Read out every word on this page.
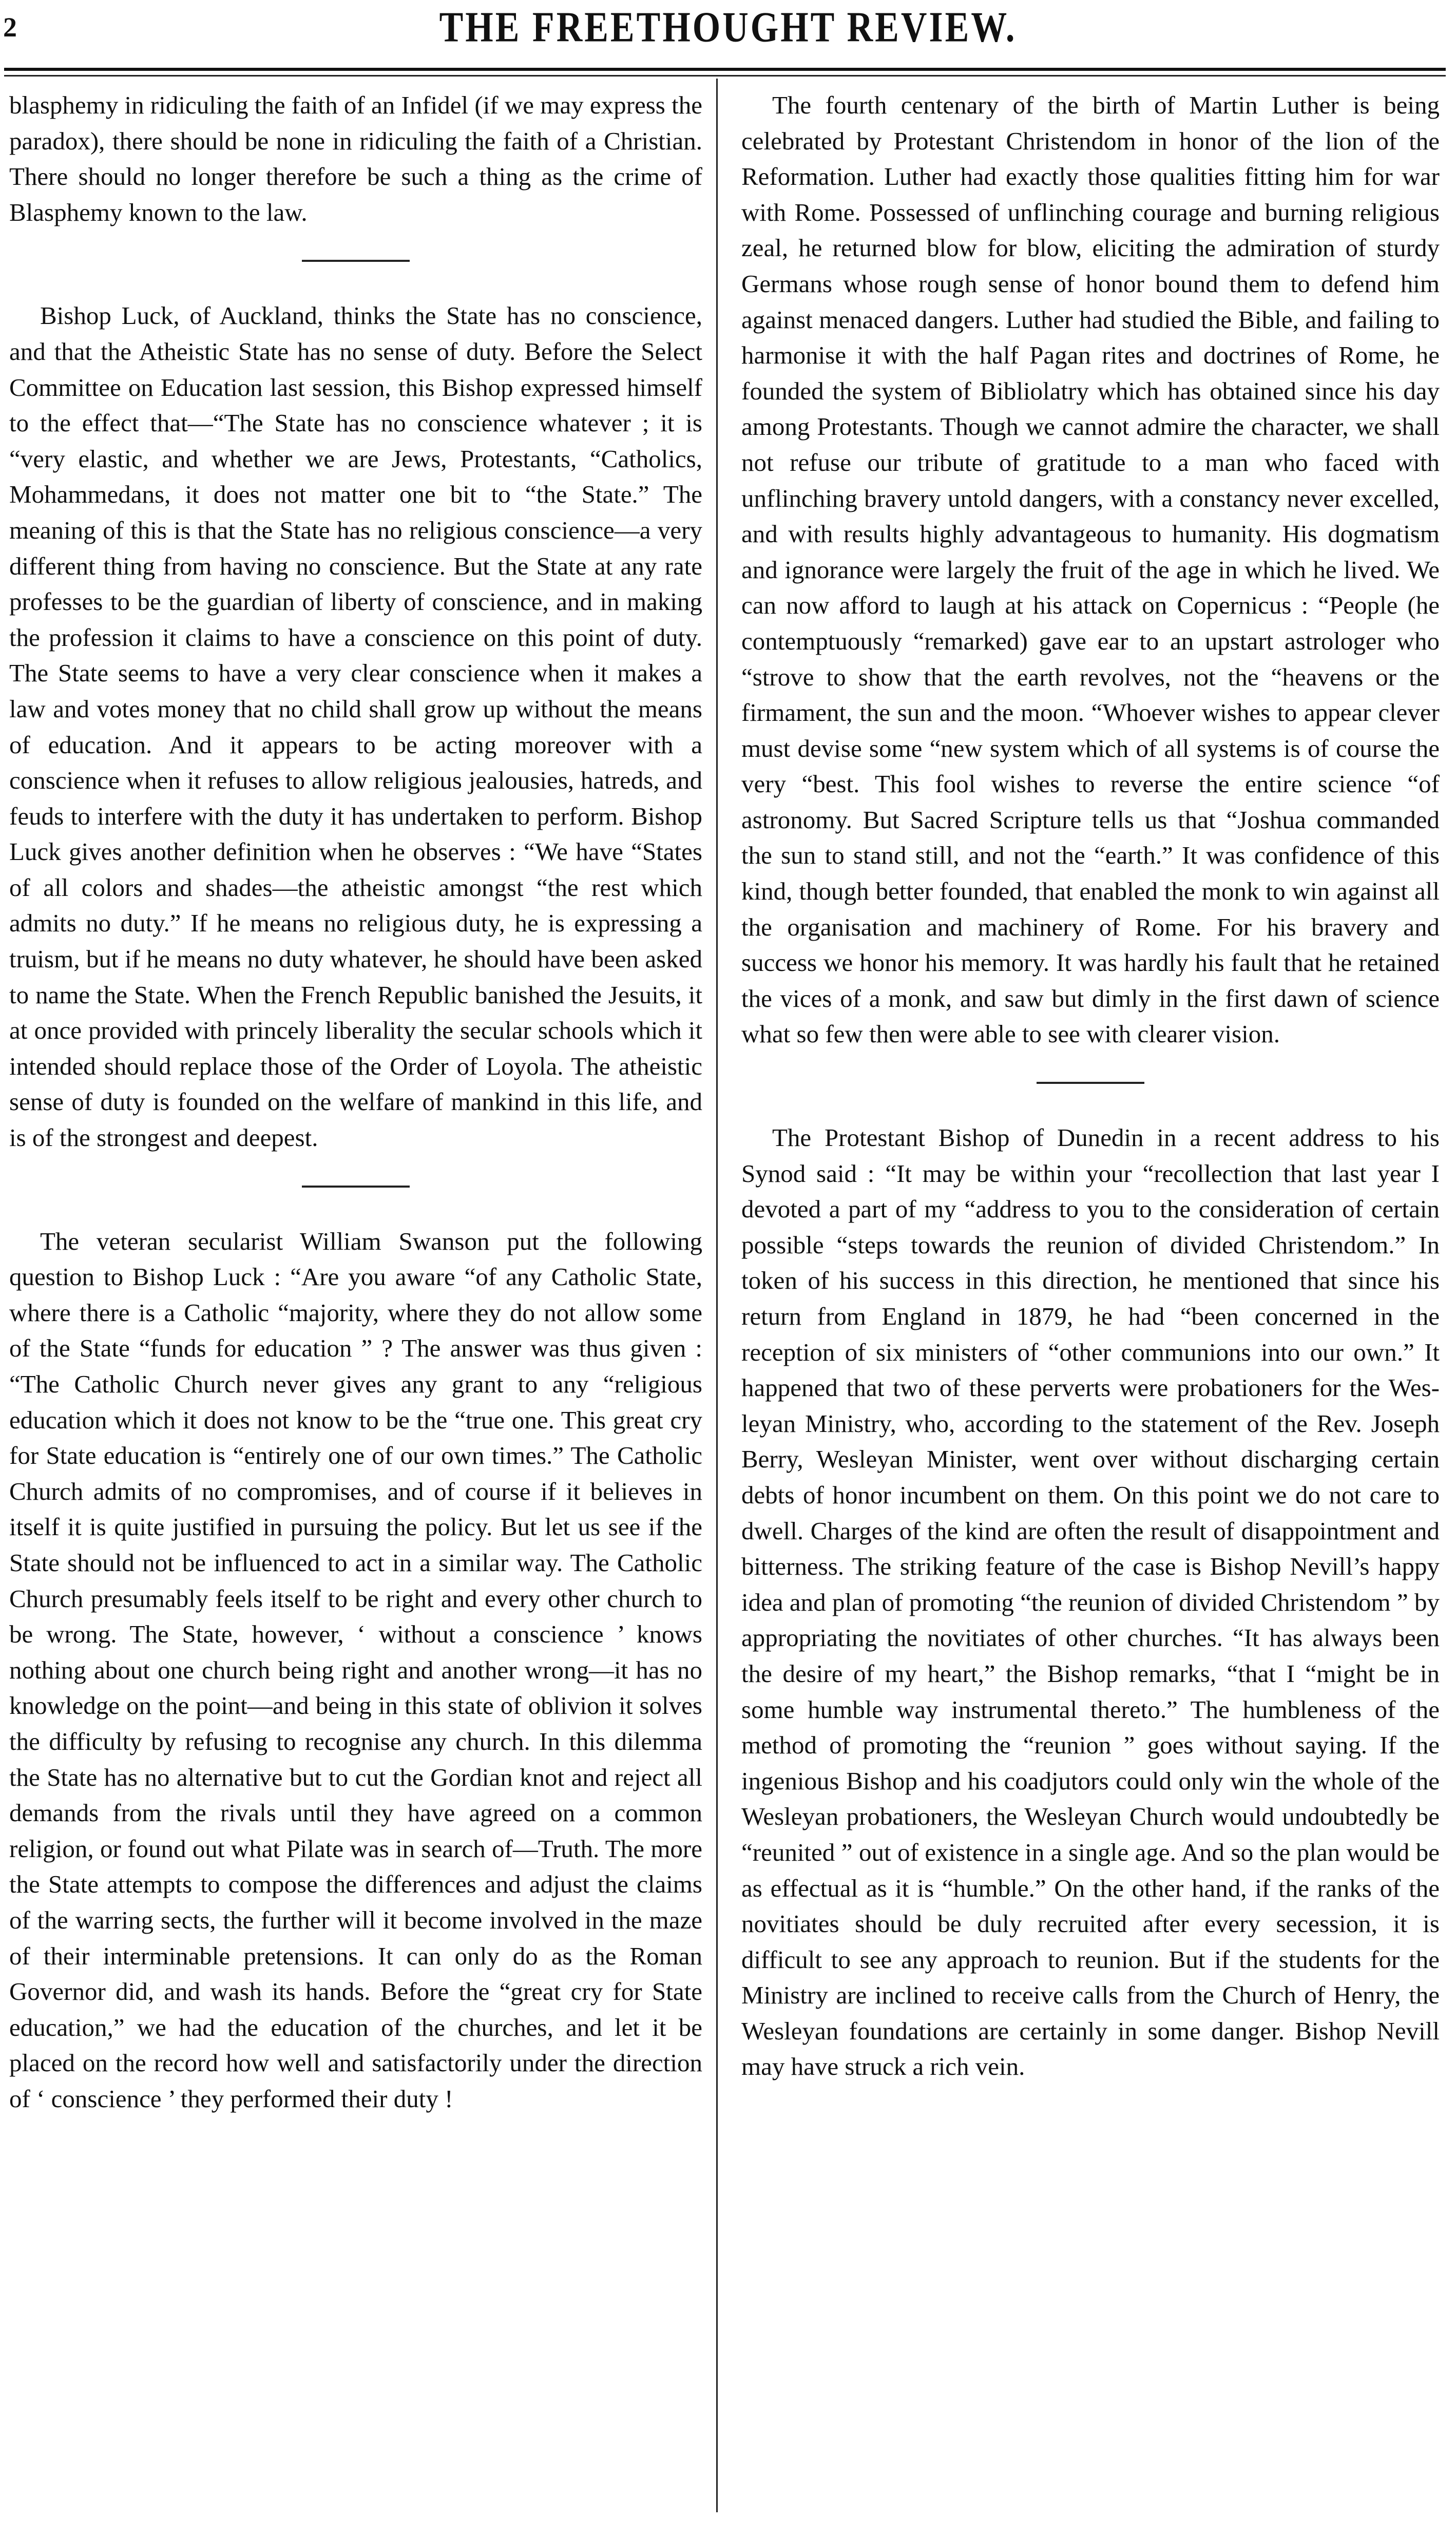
2	THE FREETHOUGHT REVIEW.

blasphemy in ridiculing the faith of an Infidel (if we may express the paradox), there should be none in ridiculing the faith of a Christian. There should no longer therefore be such a thing as the crime of Blasphemy known to the law.

Bishop Luck, of Auckland, thinks the State has no conscience, and that the Atheistic State has no sense of duty. Before the Select Committee on Education last session, this Bishop expressed himself to the effect that—“The State has no conscience whatever ; it is “very elastic, and whether we are Jews, Protestants, “Catholics, Mohammedans, it does not matter one bit to “the State.” The meaning of this is that the State has no religious conscience—a very different thing from having no conscience. But the State at any rate professes to be the guardian of liberty of conscience, and in making the profession it claims to have a conscience on this point of duty. The State seems to have a very clear conscience when it makes a law and votes money that no child shall grow up without the means of education. And it appears to be acting moreover with a conscience when it refuses to allow religious jealousies, hatreds, and feuds to interfere with the duty it has undertaken to perform. Bishop Luck gives another definition when he observes : “We have “States of all colors and shades—the atheistic amongst “the rest which admits no duty.” If he means no religious duty, he is expressing a truism, but if he means no duty whatever, he should have been asked to name the State. When the French Republic banished the Jesuits, it at once provided with princely liberality the secular schools which it intended should replace those of the Order of Loyola. The atheistic sense of duty is founded on the welfare of mankind in this life, and is of the strongest and deepest.

The veteran secularist William Swanson put the following question to Bishop Luck : “Are you aware “of any Catholic State, where there is a Catholic “majority, where they do not allow some of the State “funds for education ” ? The answer was thus given : “The Catholic Church never gives any grant to any “religious education which it does not know to be the “true one. This great cry for State education is “entirely one of our own times.” The Catholic Church admits of no compromises, and of course if it believes in itself it is quite justified in pursuing the policy. But let us see if the State should not be influenced to act in a similar way. The Catholic Church presumably feels itself to be right and every other church to be wrong. The State, however, ‘ without a conscience ’ knows nothing about one church being right and another wrong—it has no knowledge on the point—and being in this state of oblivion it solves the difficulty by refusing to recognise any church. In this dilemma the State has no alternative but to cut the Gordian knot and reject all demands from the rivals until they have agreed on a common religion, or found out what Pilate was in search of—Truth. The more the State attempts to compose the differences and adjust the claims of the warring sects, the further will it become involved in the maze of their interminable pretensions. It can only do as the Roman Governor did, and wash its hands. Before the “great cry for State education,” we had the education of the churches, and let it be placed on the record how well and satisfactorily under the direction of ‘ conscience ’ they performed their duty !

The fourth centenary of the birth of Martin Luther is being celebrated by Protestant Christendom in honor of the lion of the Reformation. Luther had exactly those qualities fitting him for war with Rome. Possessed of unflinching courage and burning religious zeal, he returned blow for blow, eliciting the admiration of sturdy Germans whose rough sense of honor bound them to defend him against menaced dangers. Luther had studied the Bible, and failing to harmonise it with the half Pagan rites and doctrines of Rome, he founded the system of Bibliolatry which has obtained since his day among Protestants. Though we cannot admire the character, we shall not refuse our tribute of gratitude to a man who faced with unflinching bravery untold dangers, with a constancy never excelled, and with results highly advantageous to humanity. His dogmatism and ignorance were largely the fruit of the age in which he lived. We can now afford to laugh at his attack on Copernicus : “People (he contemptuously “remarked) gave ear to an upstart astrologer who “strove to show that the earth revolves, not the “heavens or the firmament, the sun and the moon. “Whoever wishes to appear clever must devise some “new system which of all systems is of course the very “best. This fool wishes to reverse the entire science “of astronomy. But Sacred Scripture tells us that “Joshua commanded the sun to stand still, and not the “earth.” It was confidence of this kind, though better founded, that enabled the monk to win against all the organisation and machinery of Rome. For his bravery and success we honor his memory. It was hardly his fault that he retained the vices of a monk, and saw but dimly in the first dawn of science what so few then were able to see with clearer vision.

The Protestant Bishop of Dunedin in a recent address to his Synod said : “It may be within your “recollection that last year I devoted a part of my “address to you to the consideration of certain possible “steps towards the reunion of divided Christendom.” In token of his success in this direction, he mentioned that since his return from England in 1879, he had “been concerned in the reception of six ministers of “other communions into our own.” It happened that two of these perverts were probationers for the Wesleyan Ministry, who, according to the statement of the Rev. Joseph Berry, Wesleyan Minister, went over without discharging certain debts of honor incumbent on them. On this point we do not care to dwell. Charges of the kind are often the result of disappointment and bitterness. The striking feature of the case is Bishop Nevill’s happy idea and plan of promoting “the reunion of divided Christendom ” by appropriating the novitiates of other churches. “It has always been the desire of my heart,” the Bishop remarks, “that I “might be in some humble way instrumental thereto.” The humbleness of the method of promoting the “reunion ” goes without saying. If the ingenious Bishop and his coadjutors could only win the whole of the Wesleyan probationers, the Wesleyan Church would undoubtedly be “reunited ” out of existence in a single age. And so the plan would be as effectual as it is “humble.” On the other hand, if the ranks of the novitiates should be duly recruited after every secession, it is difficult to see any approach to reunion. But if the students for the Ministry are inclined to receive calls from the Church of Henry, the Wesleyan foundations are certainly in some danger. Bishop Nevill may have struck a rich vein.
